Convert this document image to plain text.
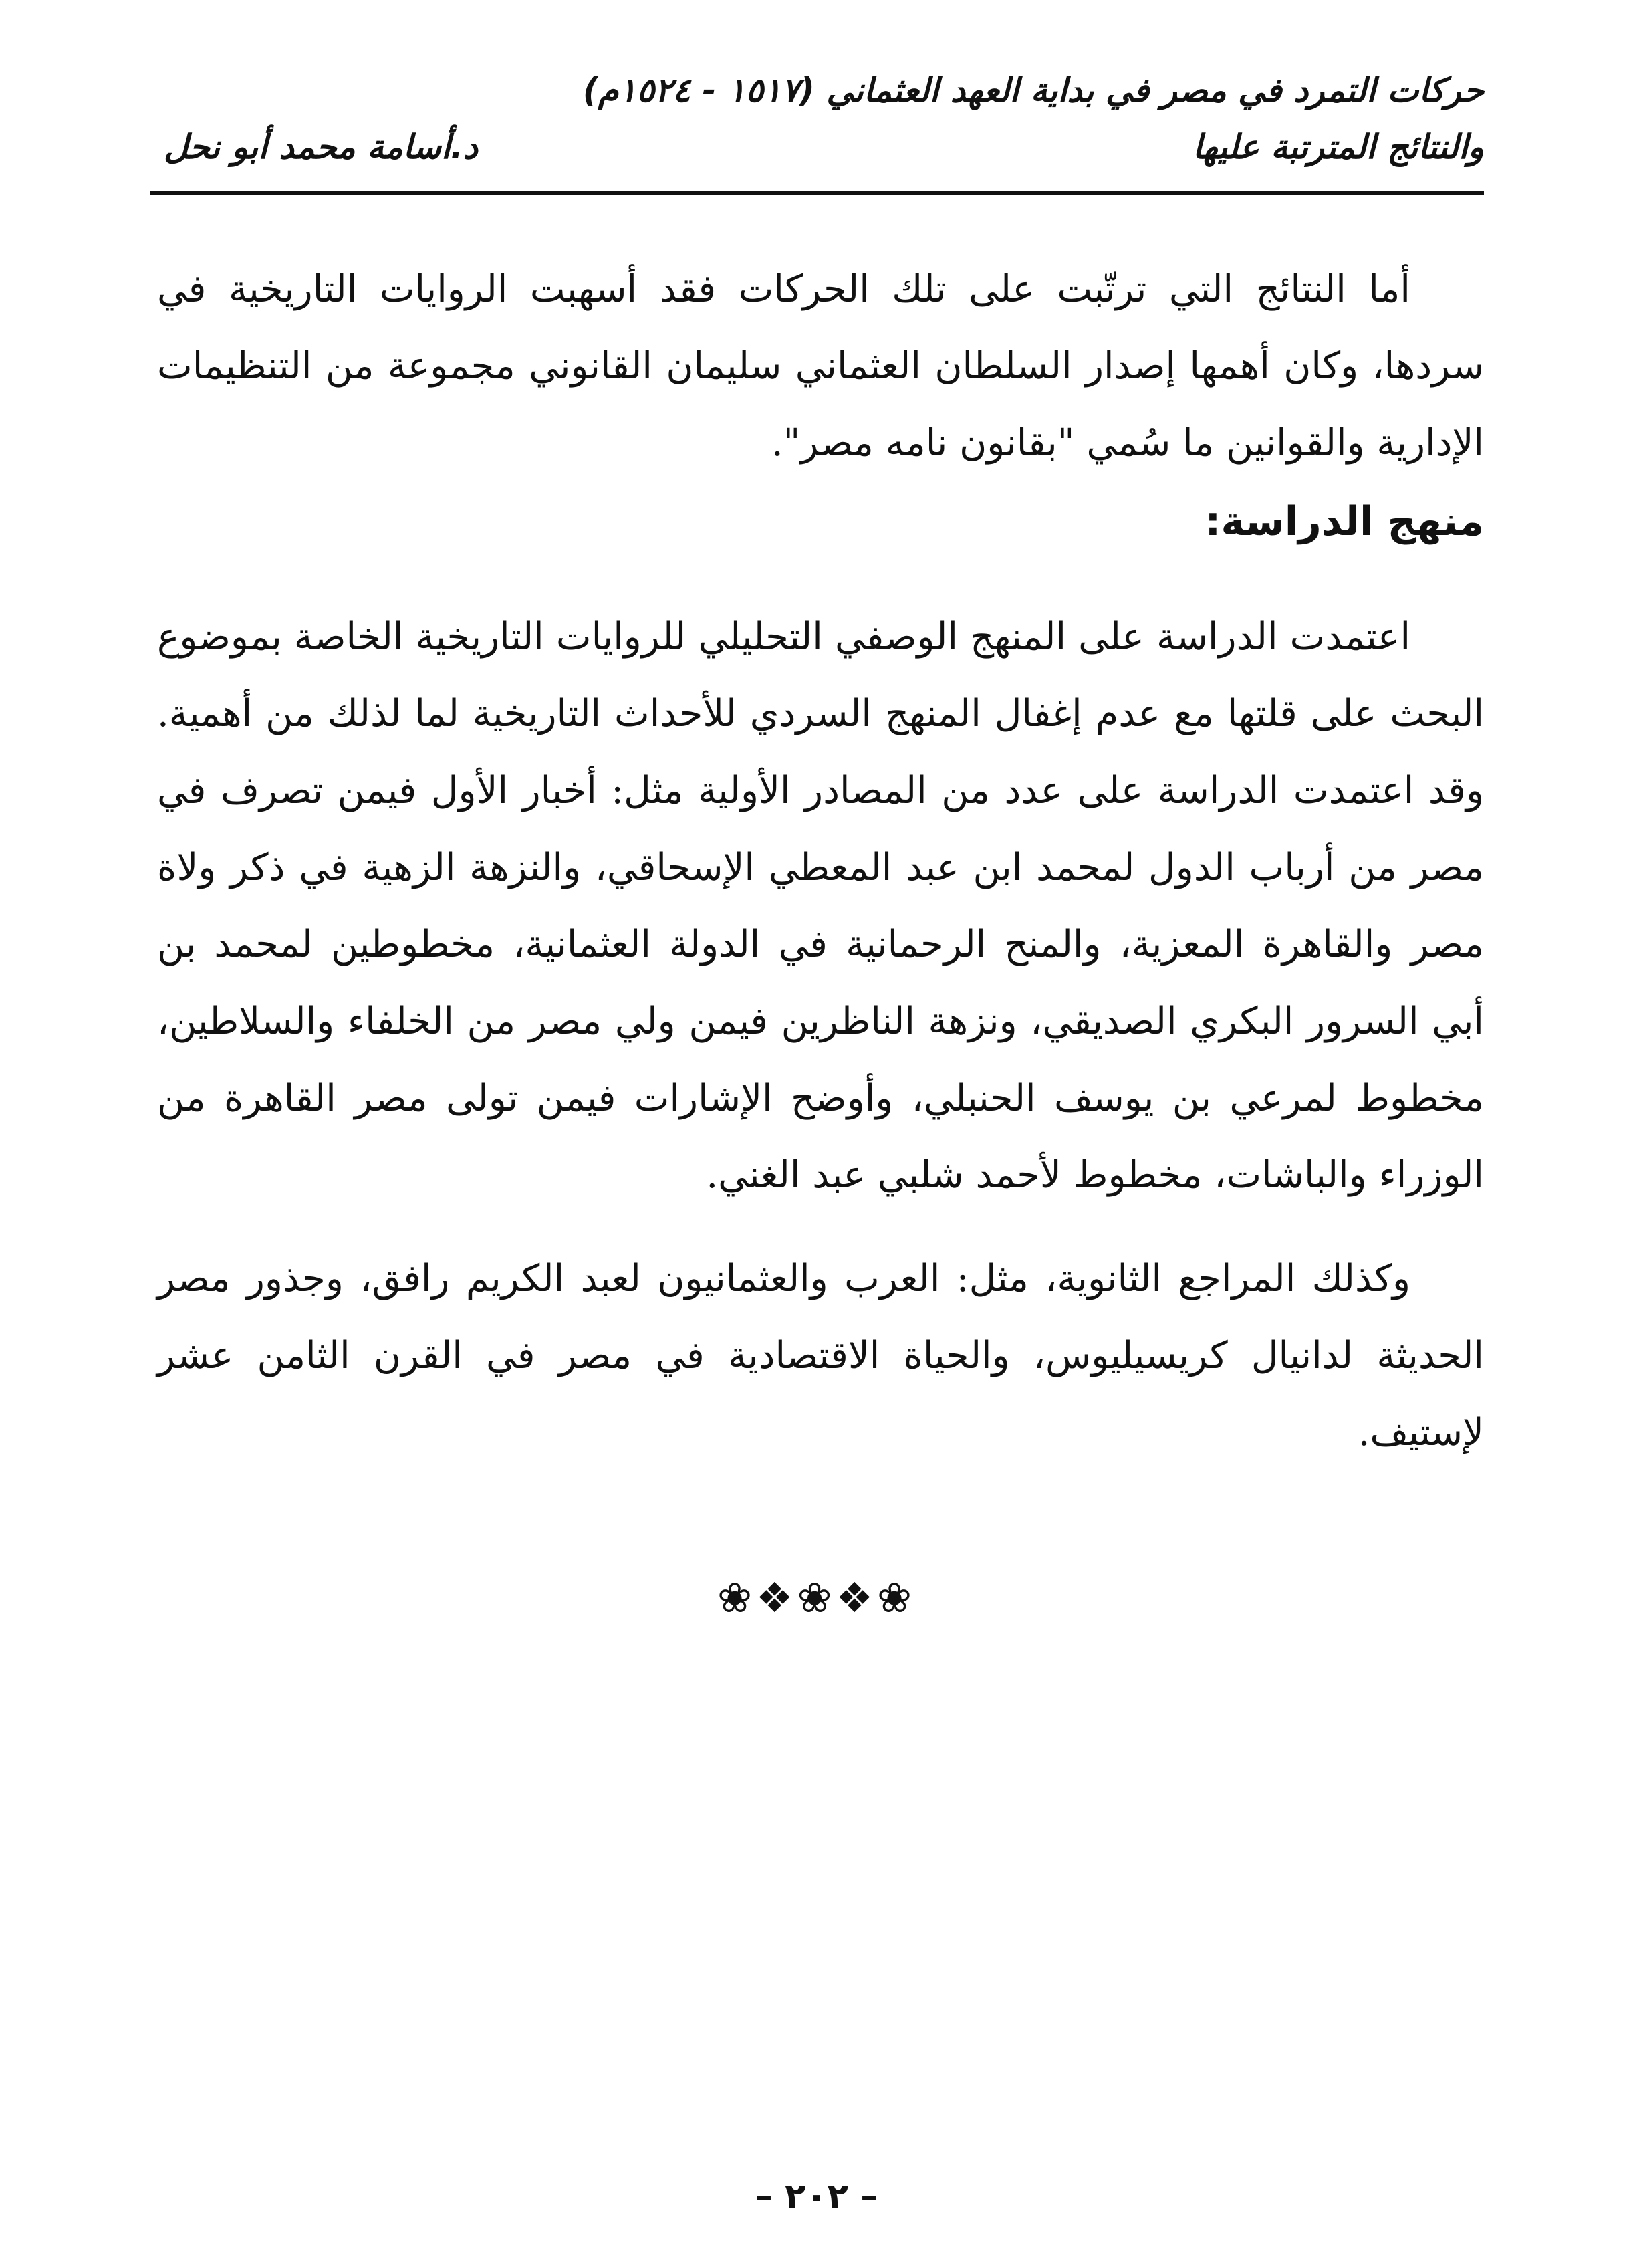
حركات التمرد في مصر في بداية العهد العثماني (١٥١٧ - ١٥٢٤م)
والنتائج المترتبة عليها
د.أسامة محمد أبو نحل

أما النتائج التي ترتّبت على تلك الحركات فقد أسهبت الروايات التاريخية في سردها، وكان أهمها إصدار السلطان العثماني سليمان القانوني مجموعة من التنظيمات الإدارية والقوانين ما سُمي "بقانون نامه مصر".

منهج الدراسة:

اعتمدت الدراسة على المنهج الوصفي التحليلي للروايات التاريخية الخاصة بموضوع البحث على قلتها مع عدم إغفال المنهج السردي للأحداث التاريخية لما لذلك من أهمية. وقد اعتمدت الدراسة على عدد من المصادر الأولية مثل: أخبار الأول فيمن تصرف في مصر من أرباب الدول لمحمد ابن عبد المعطي الإسحاقي، والنزهة الزهية في ذكر ولاة مصر والقاهرة المعزية، والمنح الرحمانية في الدولة العثمانية، مخطوطين لمحمد بن أبي السرور البكري الصديقي، ونزهة الناظرين فيمن ولي مصر من الخلفاء والسلاطين، مخطوط لمرعي بن يوسف الحنبلي، وأوضح الإشارات فيمن تولى مصر القاهرة من الوزراء والباشات، مخطوط لأحمد شلبي عبد الغني.

وكذلك المراجع الثانوية، مثل: العرب والعثمانيون لعبد الكريم رافق، وجذور مصر الحديثة لدانيال كريسيليوس، والحياة الاقتصادية في مصر في القرن الثامن عشر لإستيف.

❀❖❀❖❀
– ٢٠٢ –
